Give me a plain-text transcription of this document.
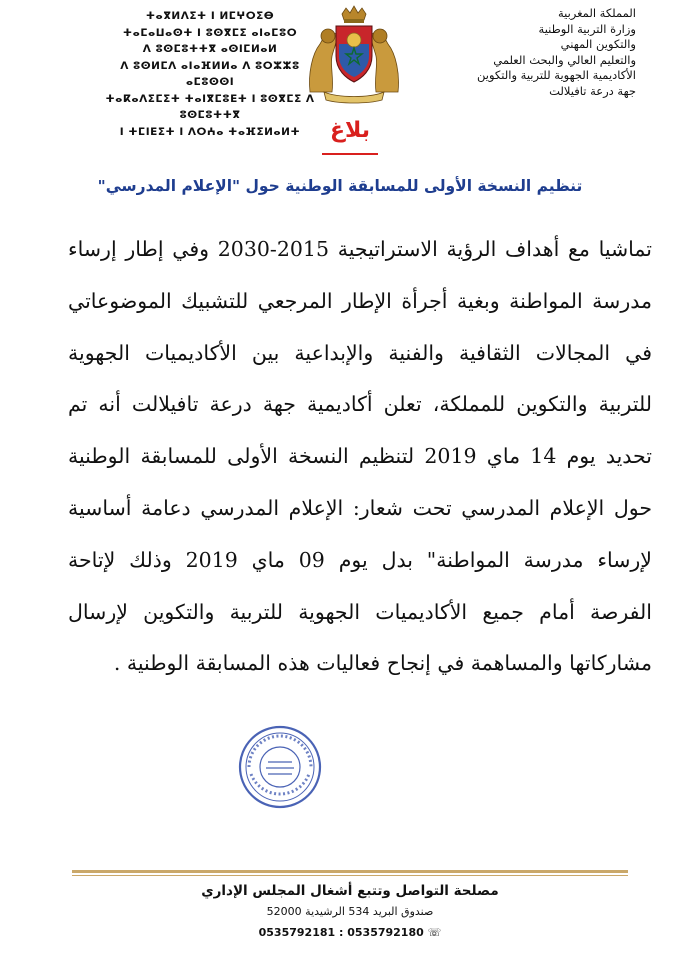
ⵜⴰⴳⵍⴷⵉⵜ ⵏ ⵍⵎⵖⵔⵉⴱ
ⵜⴰⵎⴰⵡⴰⵙⵜ ⵏ ⵓⵙⴳⵎⵉ ⴰⵏⴰⵎⵓⵔ
ⴷ ⵓⵙⵎⵓⵜⵜⴳ ⴰⵙⵏⵎⵍⴰⵍ
ⴷ ⵓⵙⵍⵎⴷ ⴰⵏⴰⴼⵍⵍⴰ ⴷ ⵓⵔⵣⵣⵓ ⴰⵎⵓⵙⵙⵏ
ⵜⴰⴽⴰⴷⵉⵎⵉⵜ ⵜⴰⵏⴳⵎⵓⴹⵜ ⵏ ⵓⵙⴳⵎⵉ ⴷ ⵓⵙⵎⵓⵜⵜⴳ
ⵏ ⵜⵎⵏⴹⵉⵜ ⵏ ⴷⵔⵄⴰ ⵜⴰⴼⵉⵍⴰⵍⵜ
المملكة المغربية
وزارة التربية الوطنية
والتكوين المهني
والتعليم العالي والبحث العلمي
الأكاديمية الجهوية للتربية والتكوين
جهة درعة تافيلالت
بلاغ
تنظيم النسخة الأولى للمسابقة الوطنية حول "الإعلام المدرسي"
تماشيا مع أهداف الرؤية الاستراتيجية 2015-2030 وفي إطار إرساء مدرسة المواطنة وبغية أجرأة الإطار المرجعي للتشبيك الموضوعاتي في المجالات الثقافية والفنية والإبداعية بين الأكاديميات الجهوية للتربية والتكوين للمملكة، تعلن أكاديمية جهة درعة تافيلالت أنه تم تحديد يوم 14 ماي 2019 لتنظيم النسخة الأولى للمسابقة الوطنية حول الإعلام المدرسي تحت شعار: الإعلام المدرسي دعامة أساسية لإرساء مدرسة المواطنة" بدل يوم 09 ماي 2019 وذلك لإتاحة الفرصة أمام جميع الأكاديميات الجهوية للتربية والتكوين لإرسال مشاركاتها والمساهمة في إنجاح فعاليات هذه المسابقة الوطنية .
مصلحة التواصل وتتبع أشغال المجلس الإداري
صندوق البريد 534 الرشيدية 52000
☏ 0535792180 : 0535792181
